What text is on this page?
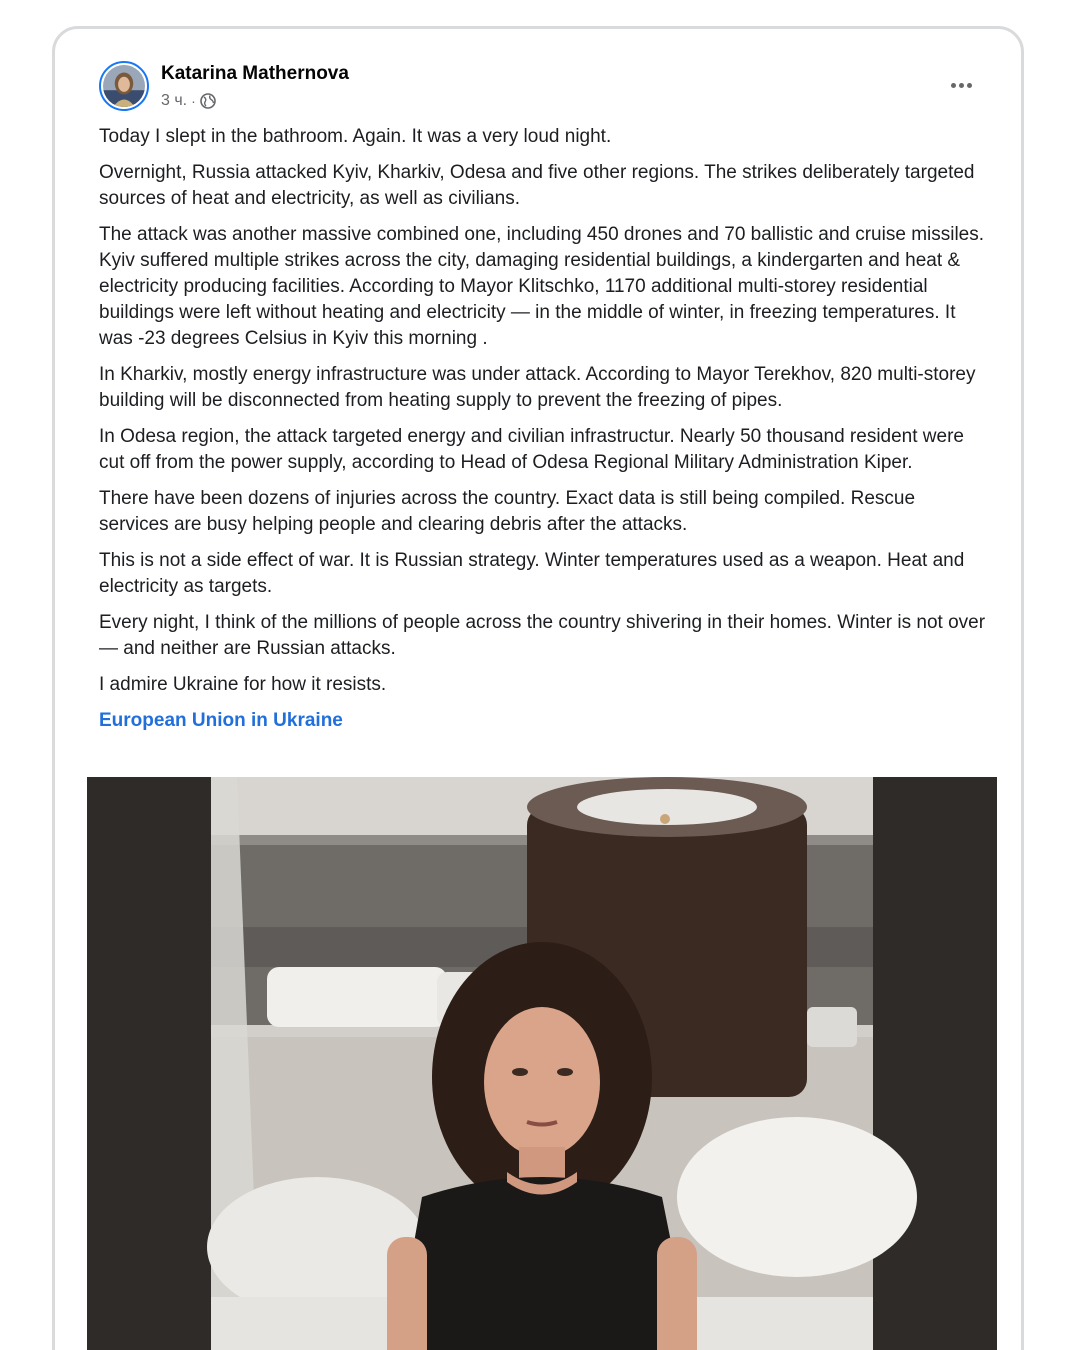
Katarina Mathernova
3 ч. ·

Today I slept in the bathroom. Again. It was a very loud night.

Overnight, Russia attacked Kyiv, Kharkiv, Odesa and five other regions. The strikes deliberately targeted sources of heat and electricity, as well as civilians.

The attack was another massive combined one, including 450 drones and 70 ballistic and cruise missiles. Kyiv suffered multiple strikes across the city, damaging residential buildings, a kindergarten and heat & electricity producing facilities. According to Mayor Klitschko, 1170 additional multi-storey residential buildings were left without heating and electricity — in the middle of winter, in freezing temperatures. It was -23 degrees Celsius in Kyiv this morning .

In Kharkiv, mostly energy infrastructure was under attack. According to Mayor Terekhov, 820 multi-storey building will be disconnected from heating supply to prevent the freezing of pipes.

In Odesa region, the attack targeted energy and civilian infrastructur. Nearly 50 thousand resident were cut off from the power supply, according to Head of Odesa Regional Military Administration Kiper.

There have been dozens of injuries across the country. Exact data is still being compiled. Rescue services are busy helping people and clearing debris after the attacks.

This is not a side effect of war. It is Russian strategy. Winter temperatures used as a weapon. Heat and electricity as targets.

Every night, I think of the millions of people across the country shivering in their homes. Winter is not over — and neither are Russian attacks.

I admire Ukraine for how it resists.

European Union in Ukraine
